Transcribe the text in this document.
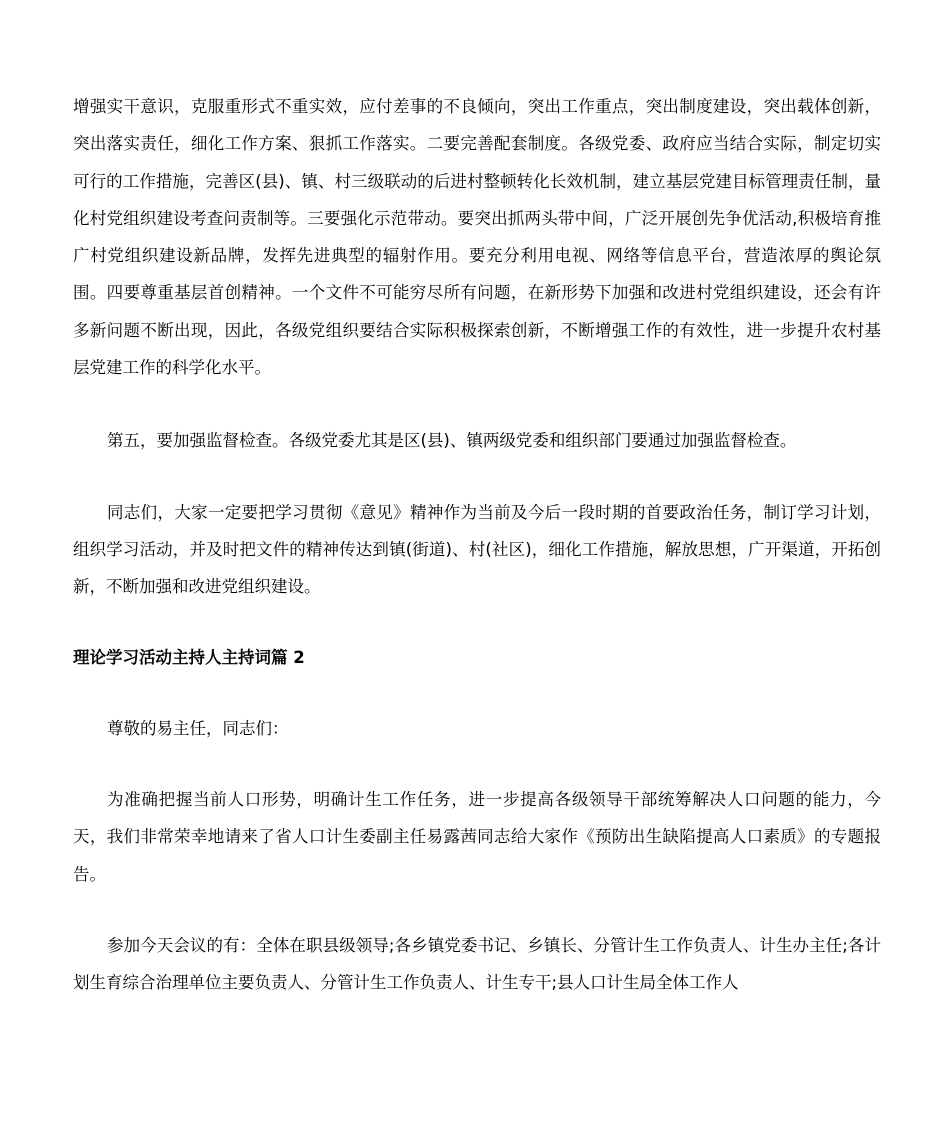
增强实干意识，克服重形式不重实效，应付差事的不良倾向，突出工作重点，突出制度建设，突出载体创新，突出落实责任，细化工作方案、狠抓工作落实。二要完善配套制度。各级党委、政府应当结合实际，制定切实可行的工作措施，完善区(县)、镇、村三级联动的后进村整顿转化长效机制，建立基层党建目标管理责任制，量化村党组织建设考查问责制等。三要强化示范带动。要突出抓两头带中间，广泛开展创先争优活动,积极培育推广村党组织建设新品牌，发挥先进典型的辐射作用。要充分利用电视、网络等信息平台，营造浓厚的舆论氛围。四要尊重基层首创精神。一个文件不可能穷尽所有问题，在新形势下加强和改进村党组织建设，还会有许多新问题不断出现，因此，各级党组织要结合实际积极探索创新，不断增强工作的有效性，进一步提升农村基层党建工作的科学化水平。

第五，要加强监督检查。各级党委尤其是区(县)、镇两级党委和组织部门要通过加强监督检查。

同志们，大家一定要把学习贯彻《意见》精神作为当前及今后一段时期的首要政治任务，制订学习计划，组织学习活动，并及时把文件的精神传达到镇(街道)、村(社区)，细化工作措施，解放思想，广开渠道，开拓创新，不断加强和改进党组织建设。

理论学习活动主持人主持词篇 2

尊敬的易主任，同志们：

为准确把握当前人口形势，明确计生工作任务，进一步提高各级领导干部统筹解决人口问题的能力，今天，我们非常荣幸地请来了省人口计生委副主任易露茜同志给大家作《预防出生缺陷提高人口素质》的专题报告。

参加今天会议的有：全体在职县级领导;各乡镇党委书记、乡镇长、分管计生工作负责人、计生办主任;各计划生育综合治理单位主要负责人、分管计生工作负责人、计生专干;县人口计生局全体工作人
